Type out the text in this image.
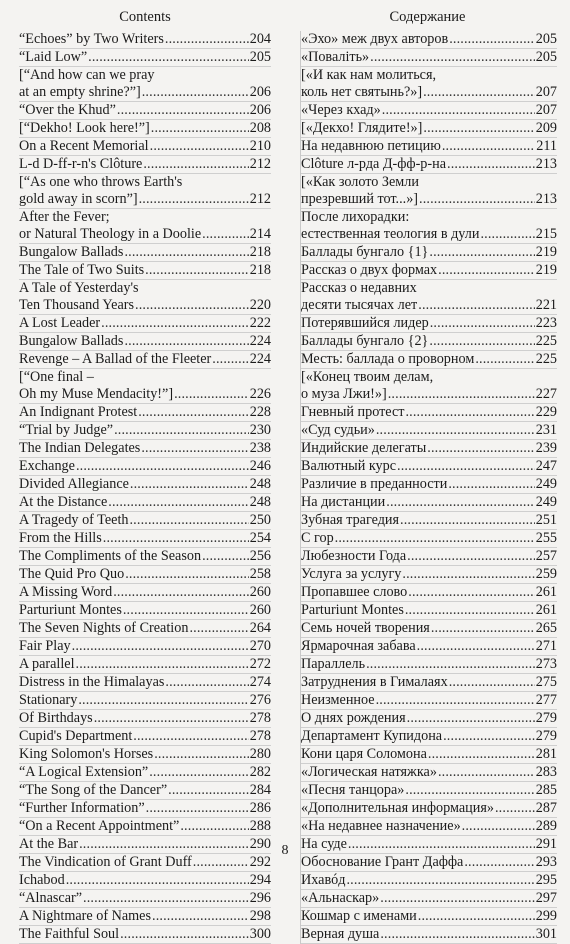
Contents	Содержание
“Echoes” by Two Writers . . .	204
“Laid Low” . . .	205
[“And how can we pray
at an empty shrine?”] . . .	206
“Over the Khud” . . .	206
[“Dekho! Look here!”] . . .	208
On a Recent Memorial . . .	210
L-d D-ff-r-n's Clôture . . .	212
[“As one who throws Earth's
gold away in scorn”] . . .	212
After the Fever;
or Natural Theology in a Doolie . . .	214
Bungalow Ballads . . .	218
The Tale of Two Suits . . .	218
A Tale of Yesterday's
Ten Thousand Years . . .	220
A Lost Leader . . .	222
Bungalow Ballads . . .	224
Revenge – A Ballad of the Fleeter . . .	224
[“One final –
Oh my Muse Mendacity!”] . . .	226
An Indignant Protest . . .	228
“Trial by Judge” . . .	230
The Indian Delegates . . .	238
Exchange . . .	246
Divided Allegiance . . .	248
At the Distance . . .	248
A Tragedy of Teeth . . .	250
From the Hills . . .	254
The Compliments of the Season . . .	256
The Quid Pro Quo . . .	258
A Missing Word . . .	260
Parturiunt Montes . . .	260
The Seven Nights of Creation . . .	264
Fair Play . . .	270
A parallel . . .	272
Distress in the Himalayas . . .	274
Stationary . . .	276
Of Birthdays . . .	278
Cupid's Department . . .	278
King Solomon's Horses . . .	280
“A Logical Extension” . . .	282
“The Song of the Dancer” . . .	284
“Further Information” . . .	286
“On a Recent Appointment” . . .	288
At the Bar . . .	290
The Vindication of Grant Duff . . .	292
Ichabod . . .	294
“Alnascar” . . .	296
A Nightmare of Names . . .	298
The Faithful Soul . . .	300
«Эхо» меж двух авторов . . .	205
«Поваліть» . . .	205
[«И как нам молиться,
коль нет святынь?»] . . .	207
«Через кхад» . . .	207
[«Декхо! Глядите!»] . . .	209
На недавнюю петицию . . .	211
Clôture л-рда Д-фф-р-на . . .	213
[«Как золото Земли
презревший тот...»] . . .	213
После лихорадки:
естественная теология в дули . . .	215
Баллады бунгало {1} . . .	219
Рассказ о двух формах . . .	219
Рассказ о недавних
десяти тысячах лет . . .	221
Потерявшийся лидер . . .	223
Баллады бунгало {2} . . .	225
Месть: баллада о проворном . . .	225
[«Конец твоим делам,
о муза Лжи!»] . . .	227
Гневный протест . . .	229
«Суд судьи» . . .	231
Индийские делегаты . . .	239
Валютный курс . . .	247
Различие в преданности . . .	249
На дистанции . . .	249
Зубная трагедия . . .	251
С гор . . .	255
Любезности Года . . .	257
Услуга за услугу . . .	259
Пропавшее слово . . .	261
Parturiunt Montes . . .	261
Семь ночей творения . . .	265
Ярмарочная забава . . .	271
Параллель . . .	273
Затруднения в Гималаях . . .	275
Неизменное . . .	277
О днях рождения . . .	279
Департамент Купидона . . .	279
Кони царя Соломона . . .	281
«Логическая натяжка» . . .	283
«Песня танцора» . . .	285
«Дополнительная информация» . . .	287
«На недавнее назначение» . . .	289
На суде . . .	291
Обоснование Грант Даффа . . .	293
Ихавóд . . .	295
«Альнаскар» . . .	297
Кошмар с именами . . .	299
Верная душа . . .	301
8
